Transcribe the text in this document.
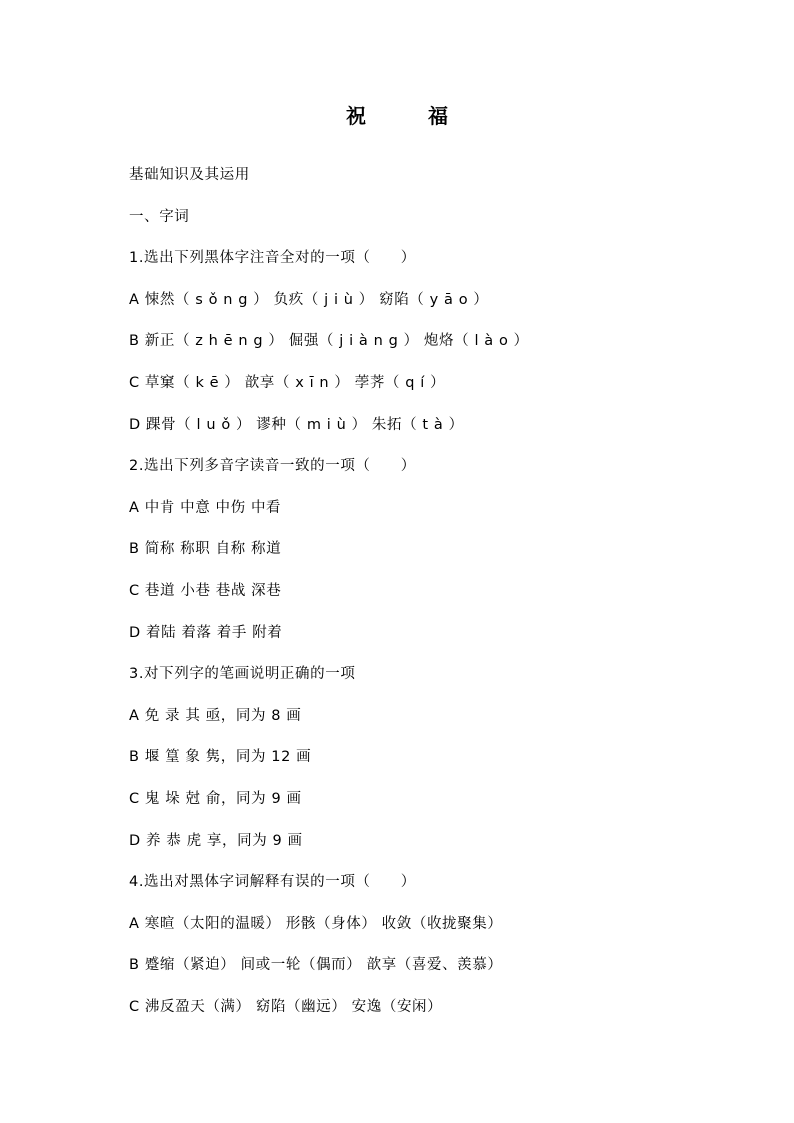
祝福
基础知识及其运用
一、字词
1.选出下列黑体字注音全对的一项（　　）
A 悚然（ s ǒ n g ） 负疚（ j i ù ） 窈陷（ y ā o ）
B 新正（ z h ē n g ） 倔强（ j i à n g ） 炮烙（ l à o ）
C 草窠（ k ē ） 歆享（ x ī n ） 荸荠（ q í ）
D 踝骨（ l u ǒ ） 谬种（ m i ù ） 朱拓（ t à ）
2.选出下列多音字读音一致的一项（　　）
A 中肯 中意 中伤 中看
B 简称 称职 自称 称道
C 巷道 小巷 巷战 深巷
D 着陆 着落 着手 附着
3.对下列字的笔画说明正确的一项
A 免 录 其 亟，同为 8 画
B 堰 篁 象 隽，同为 12 画
C 鬼 垛 尅 俞，同为 9 画
D 养 恭 虎 享，同为 9 画
4.选出对黑体字词解释有误的一项（　　）
A 寒暄（太阳的温暖） 形骸（身体） 收敛（收拢聚集）
B 蹙缩（紧迫） 间或一轮（偶而） 歆享（喜爱、羡慕）
C 沸反盈天（满） 窈陷（幽远） 安逸（安闲）
